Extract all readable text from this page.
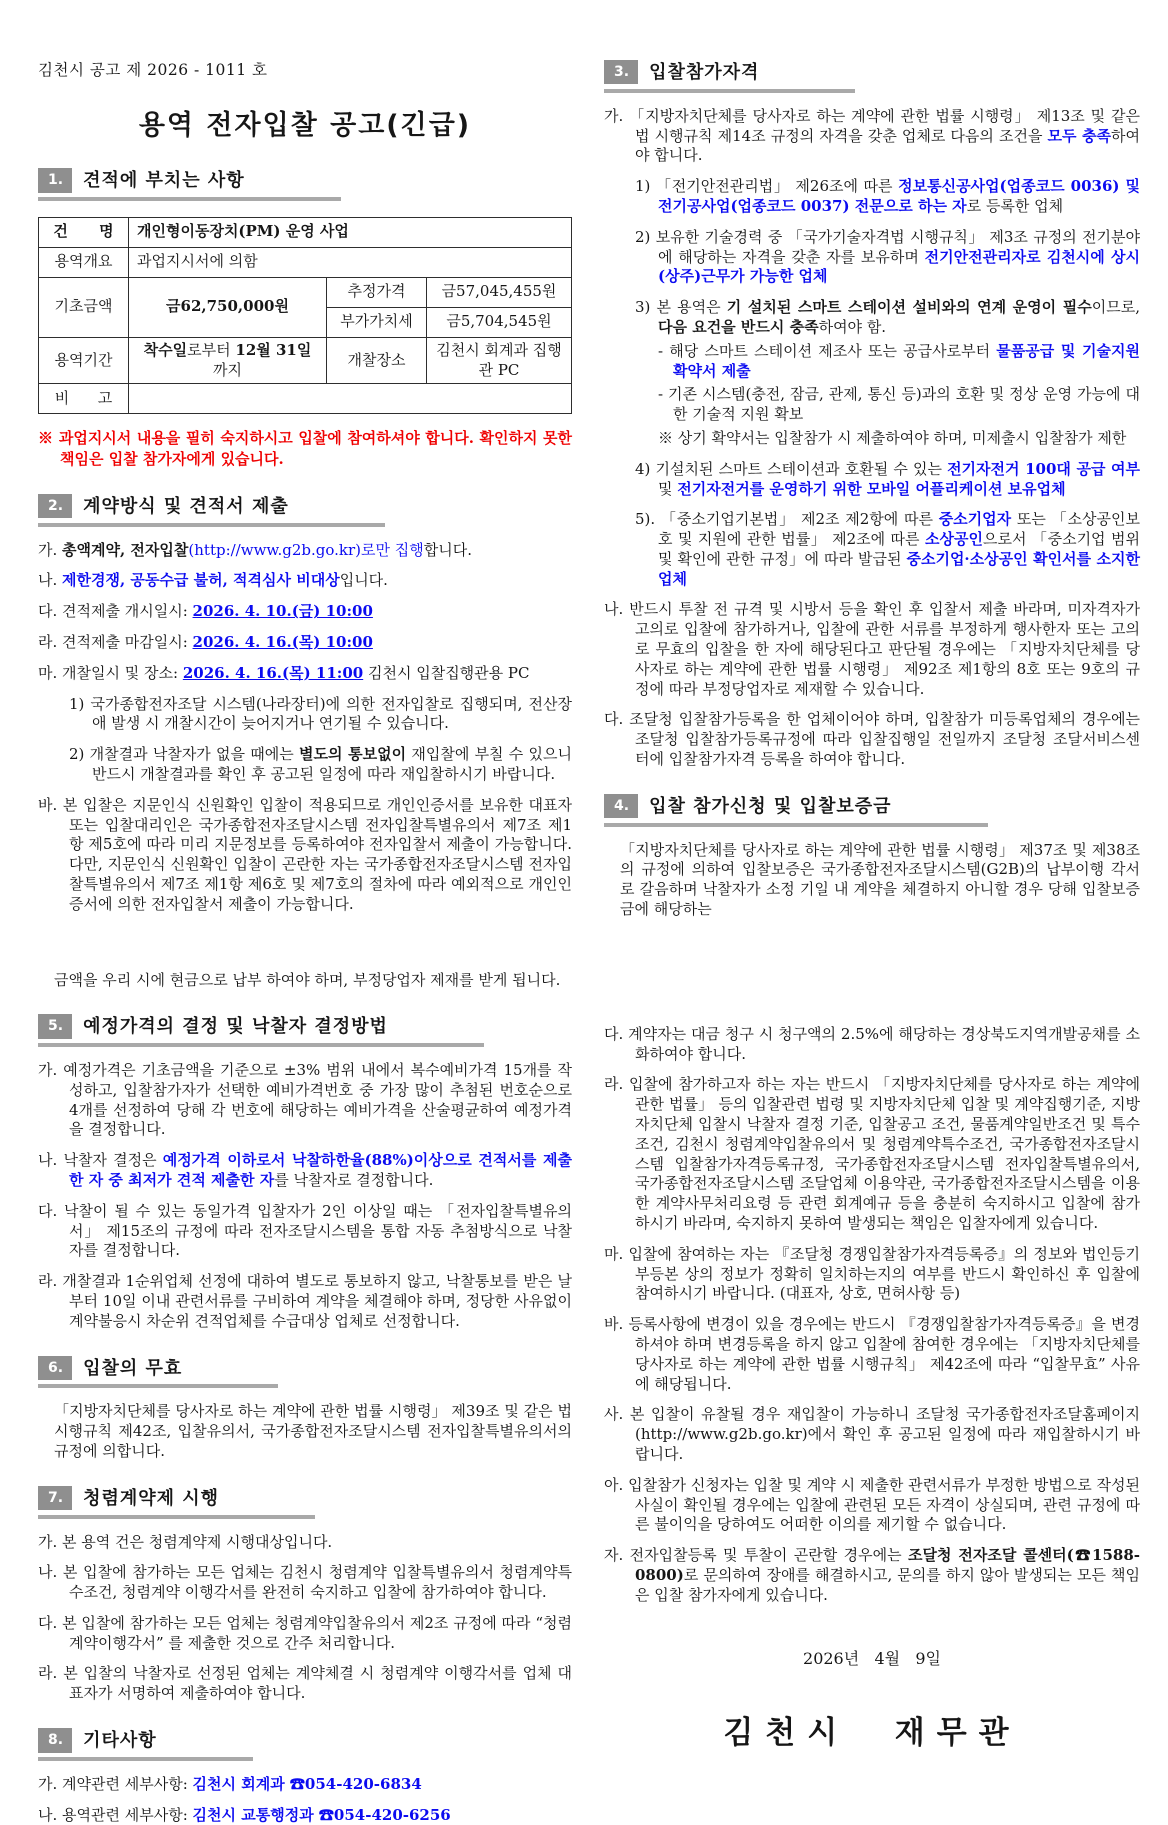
김천시 공고 제 2026 - 1011 호

용역 전자입찰 공고(긴급)
1. 견적에 부치는 사항
건      명	개인형이동장치(PM) 운영 사업		
용역개요	과업지시서에 의함		
기초금액	금62,750,000원	추정가격	금57,045,455원
		부가가치세	금5,704,545원
용역기간	착수일로부터 12월 31일까지	개찰장소	김천시 회계과 집행관 PC
비      고			

※ 과업지시서 내용을 필히 숙지하시고 입찰에 참여하셔야 합니다. 확인하지 못한 책임은 입찰 참가자에게 있습니다.

2. 계약방식 및 견적서 제출

가. 총액계약, 전자입찰(http://www.g2b.go.kr)로만 집행합니다.

나. 제한경쟁, 공동수급 불허, 적격심사 비대상입니다.

다. 견적제출 개시일시: 2026. 4. 10.(금) 10:00

라. 견적제출 마감일시: 2026. 4. 16.(목) 10:00

마. 개찰일시 및 장소: 2026. 4. 16.(목) 11:00 김천시 입찰집행관용 PC

1) 국가종합전자조달 시스템(나라장터)에 의한 전자입찰로 집행되며, 전산장애 발생 시 개찰시간이 늦어지거나 연기될 수 있습니다.

2) 개찰결과 낙찰자가 없을 때에는 별도의 통보없이 재입찰에 부칠 수 있으니 반드시 개찰결과를 확인 후 공고된 일정에 따라 재입찰하시기 바랍니다.

바. 본 입찰은 지문인식 신원확인 입찰이 적용되므로 개인인증서를 보유한 대표자 또는 입찰대리인은 국가종합전자조달시스템 전자입찰특별유의서 제7조 제1항 제5호에 따라 미리 지문정보를 등록하여야 전자입찰서 제출이 가능합니다. 다만, 지문인식 신원확인 입찰이 곤란한 자는 국가종합전자조달시스템 전자입찰특별유의서 제7조 제1항 제6호 및 제7호의 절차에 따라 예외적으로 개인인증서에 의한 전자입찰서 제출이 가능합니다.

금액을 우리 시에 현금으로 납부 하여야 하며, 부정당업자 제재를 받게 됩니다.

5. 예정가격의 결정 및 낙찰자 결정방법

가. 예정가격은 기초금액을 기준으로 ±3% 범위 내에서 복수예비가격 15개를 작성하고, 입찰참가자가 선택한 예비가격번호 중 가장 많이 추첨된 번호순으로 4개를 선정하여 당해 각 번호에 해당하는 예비가격을 산술평균하여 예정가격을 결정합니다.

나. 낙찰자 결정은 예정가격 이하로서 낙찰하한율(88%)이상으로 견적서를 제출한 자 중 최저가 견적 제출한 자를 낙찰자로 결정합니다.

다. 낙찰이 될 수 있는 동일가격 입찰자가 2인 이상일 때는 「전자입찰특별유의서」 제15조의 규정에 따라 전자조달시스템을 통합 자동 추첨방식으로 낙찰자를 결정합니다.

라. 개찰결과 1순위업체 선정에 대하여 별도로 통보하지 않고, 낙찰통보를 받은 날부터 10일 이내 관련서류를 구비하여 계약을 체결해야 하며, 정당한 사유없이 계약불응시 차순위 견적업체를 수급대상 업체로 선정합니다.

6. 입찰의 무효

「지방자치단체를 당사자로 하는 계약에 관한 법률 시행령」 제39조 및 같은 법 시행규칙 제42조, 입찰유의서, 국가종합전자조달시스템 전자입찰특별유의서의 규정에 의합니다.

7. 청렴계약제 시행

가. 본 용역 건은 청렴계약제 시행대상입니다.

나. 본 입찰에 참가하는 모든 업체는 김천시 청렴계약 입찰특별유의서 청렴계약특수조건, 청렴계약 이행각서를 완전히 숙지하고 입찰에 참가하여야 합니다.

다. 본 입찰에 참가하는 모든 업체는 청렴계약입찰유의서 제2조 규정에 따라 “청렴계약이행각서” 를 제출한 것으로 간주 처리합니다.

라. 본 입찰의 낙찰자로 선정된 업체는 계약체결 시 청렴계약 이행각서를 업체 대표자가 서명하여 제출하여야 합니다.

8. 기타사항

가. 계약관련 세부사항: 김천시 회계과 ☎054-420-6834

나. 용역관련 세부사항: 김천시 교통행정과 ☎054-420-6256

3. 입찰참가자격

가. 「지방자치단체를 당사자로 하는 계약에 관한 법률 시행령」 제13조 및 같은 법 시행규칙 제14조 규정의 자격을 갖춘 업체로 다음의 조건을 모두 충족하여야 합니다.

1) 「전기안전관리법」 제26조에 따른 정보통신공사업(업종코드 0036) 및 전기공사업(업종코드 0037) 전문으로 하는 자로 등록한 업체

2) 보유한 기술경력 중 「국가기술자격법 시행규칙」 제3조 규정의 전기분야에 해당하는 자격을 갖춘 자를 보유하며 전기안전관리자로 김천시에 상시(상주)근무가 가능한 업체

3) 본 용역은 기 설치된 스마트 스테이션 설비와의 연계 운영이 필수이므로, 다음 요건을 반드시 충족하여야 함.

- 해당 스마트 스테이션 제조사 또는 공급사로부터 물품공급 및 기술지원 확약서 제출

- 기존 시스템(충전, 잠금, 관제, 통신 등)과의 호환 및 정상 운영 가능에 대한 기술적 지원 확보

※ 상기 확약서는 입찰참가 시 제출하여야 하며, 미제출시 입찰참가 제한

4) 기설치된 스마트 스테이션과 호환될 수 있는 전기자전거 100대 공급 여부 및 전기자전거를 운영하기 위한 모바일 어플리케이션 보유업체

5). 「중소기업기본법」 제2조 제2항에 따른 중소기업자 또는 「소상공인보호 및 지원에 관한 법률」 제2조에 따른 소상공인으로서 「중소기업 범위 및 확인에 관한 규정」에 따라 발급된 중소기업·소상공인 확인서를 소지한 업체

나. 반드시 투찰 전 규격 및 시방서 등을 확인 후 입찰서 제출 바라며, 미자격자가 고의로 입찰에 참가하거나, 입찰에 관한 서류를 부정하게 행사한자 또는 고의로 무효의 입찰을 한 자에 해당된다고 판단될 경우에는 「지방자치단체를 당사자로 하는 계약에 관한 법률 시행령」 제92조 제1항의 8호 또는 9호의 규정에 따라 부정당업자로 제재할 수 있습니다.

다. 조달청 입찰참가등록을 한 업체이어야 하며, 입찰참가 미등록업체의 경우에는 조달청 입찰참가등록규정에 따라 입찰집행일 전일까지 조달청 조달서비스센터에 입찰참가자격 등록을 하여야 합니다.

4. 입찰 참가신청 및 입찰보증금

「지방자치단체를 당사자로 하는 계약에 관한 법률 시행령」 제37조 및 제38조의 규정에 의하여 입찰보증은 국가종합전자조달시스템(G2B)의 납부이행 각서로 갈음하며 낙찰자가 소정 기일 내 계약을 체결하지 아니할 경우 당해 입찰보증금에 해당하는

다. 계약자는 대금 청구 시 청구액의 2.5%에 해당하는 경상북도지역개발공채를 소화하여야 합니다.

라. 입찰에 참가하고자 하는 자는 반드시 「지방자치단체를 당사자로 하는 계약에 관한 법률」 등의 입찰관련 법령 및 지방자치단체 입찰 및 계약집행기준, 지방자치단체 입찰시 낙찰자 결정 기준, 입찰공고 조건, 물품계약일반조건 및 특수조건, 김천시 청렴계약입찰유의서 및 청렴계약특수조건, 국가종합전자조달시스템 입찰참가자격등록규정, 국가종합전자조달시스템 전자입찰특별유의서, 국가종합전자조달시스템 조달업체 이용약관, 국가종합전자조달시스템을 이용한 계약사무처리요령 등 관련 회계예규 등을 충분히 숙지하시고 입찰에 참가하시기 바라며, 숙지하지 못하여 발생되는 책임은 입찰자에게 있습니다.

마. 입찰에 참여하는 자는 『조달청 경쟁입찰참가자격등록증』의 정보와 법인등기부등본 상의 정보가 정확히 일치하는지의 여부를 반드시 확인하신 후 입찰에 참여하시기 바랍니다. (대표자, 상호, 면허사항 등)

바. 등록사항에 변경이 있을 경우에는 반드시 『경쟁입찰참가자격등록증』을 변경하셔야 하며 변경등록을 하지 않고 입찰에 참여한 경우에는 「지방자치단체를 당사자로 하는 계약에 관한 법률 시행규칙」 제42조에 따라 “입찰무효” 사유에 해당됩니다.

사. 본 입찰이 유찰될 경우 재입찰이 가능하니 조달청 국가종합전자조달홈페이지 (http://www.g2b.go.kr)에서 확인 후 공고된 일정에 따라 재입찰하시기 바랍니다.

아. 입찰참가 신청자는 입찰 및 계약 시 제출한 관련서류가 부정한 방법으로 작성된 사실이 확인될 경우에는 입찰에 관련된 모든 자격이 상실되며, 관련 규정에 따른 불이익을 당하여도 어떠한 이의를 제기할 수 없습니다.

자. 전자입찰등록 및 투찰이 곤란할 경우에는 조달청 전자조달 콜센터(☎1588-0800)로 문의하여 장애를 해결하시고, 문의를 하지 않아 발생되는 모든 책임은 입찰 참가자에게 있습니다.

2026년   4월   9일

김천시  재무관
